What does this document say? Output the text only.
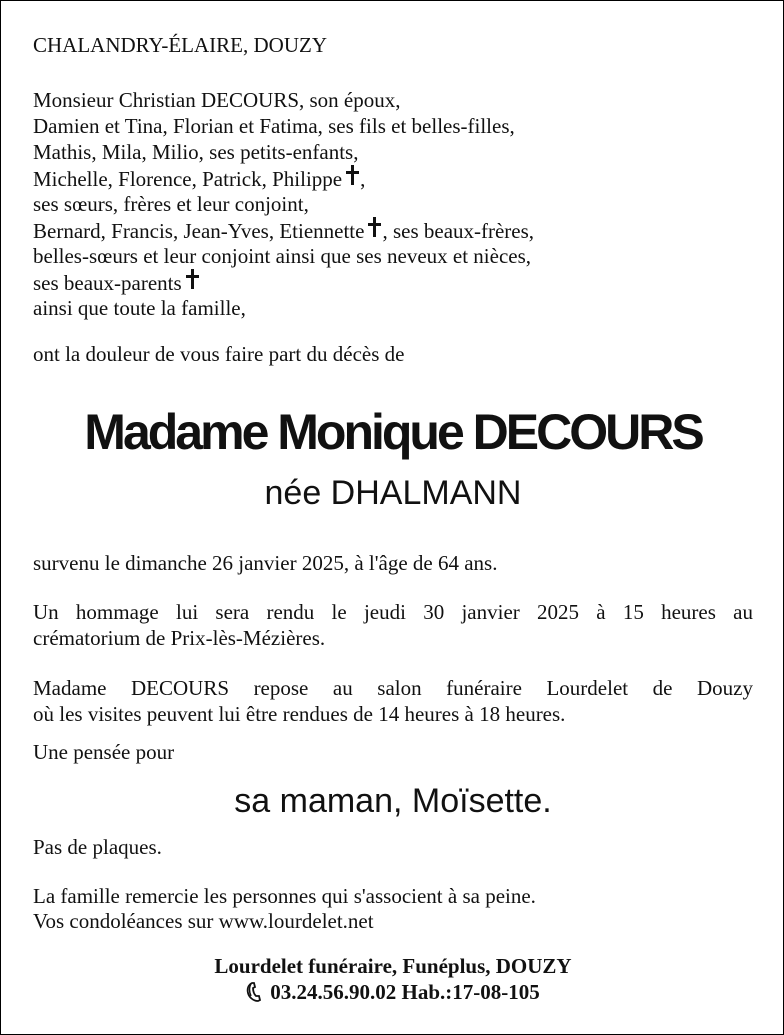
CHALANDRY-ÉLAIRE, DOUZY
Monsieur Christian DECOURS, son époux,
Damien et Tina, Florian et Fatima, ses fils et belles-filles,
Mathis, Mila, Milio, ses petits-enfants,
Michelle, Florence, Patrick, Philippe ,
ses sœurs, frères et leur conjoint,
Bernard, Francis, Jean-Yves, Etiennette , ses beaux-frères,
belles-sœurs et leur conjoint ainsi que ses neveux et nièces,
ses beaux-parents
ainsi que toute la famille,
ont la douleur de vous faire part du décès de
Madame Monique DECOURS
née DHALMANN
survenu le dimanche 26 janvier 2025, à l'âge de 64 ans.
Un hommage lui sera rendu le jeudi 30 janvier 2025 à 15 heures au
crématorium de Prix-lès-Mézières.
Madame DECOURS repose au salon funéraire Lourdelet de Douzy
où les visites peuvent lui être rendues de 14 heures à 18 heures.
Une pensée pour
sa maman, Moïsette.
Pas de plaques.
La famille remercie les personnes qui s'associent à sa peine.
Vos condoléances sur www.lourdelet.net
Lourdelet funéraire, Funéplus, DOUZY
03.24.56.90.02 Hab.:17-08-105
